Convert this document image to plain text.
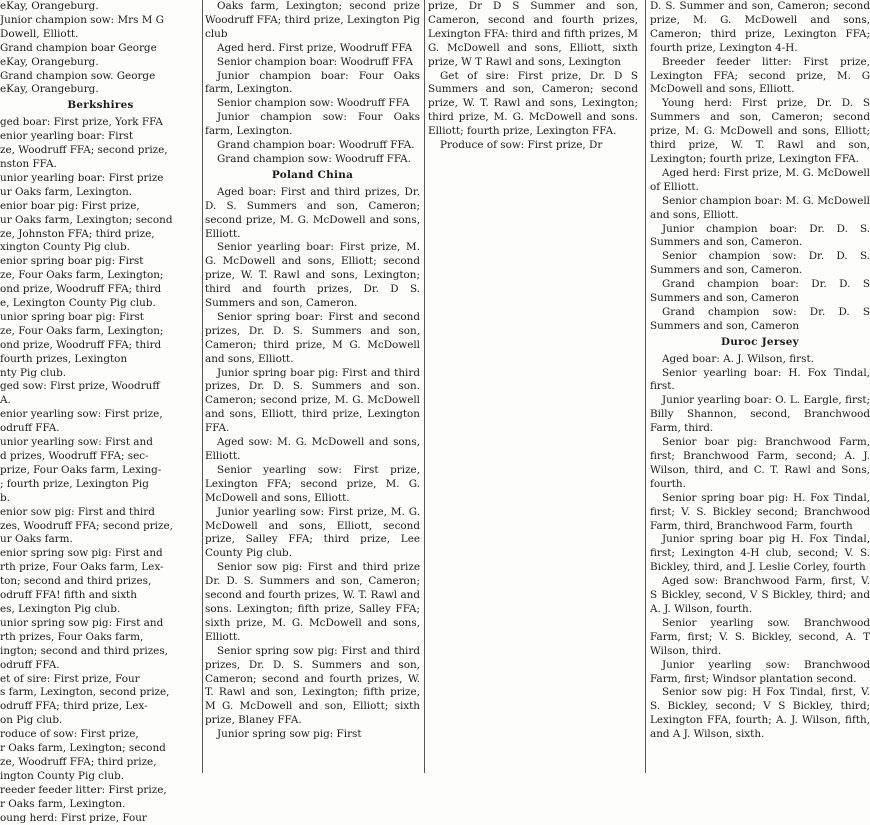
eKay, Orangeburg.

Junior champion sow: Mrs M G

Dowell, Elliott.

Grand champion boar George

eKay, Orangeburg.

Grand champion sow. George

eKay, Orangeburg.

Berkshires

ged boar: First prize, York FFA

enior yearling boar: First

ze, Woodruff FFA; second prize,

nston FFA.

unior yearling boar: First prize

ur Oaks farm, Lexington.

enior boar pig: First prize,

ur Oaks farm, Lexington; second

ze, Johnston FFA; third prize,

xington County Pig club.

enior spring boar pig: First

ze, Four Oaks farm, Lexington;

ond prize, Woodruff FFA; third

e, Lexington County Pig club.

unior spring boar pig: First

ze, Four Oaks farm, Lexington;

ond prize, Woodruff FFA; third

fourth prizes, Lexington

nty Pig club.

ged sow: First prize, Woodruff

A.

enior yearling sow: First prize,

odruff FFA.

unior yearling sow: First and

d prizes, Woodruff FFA; sec-

prize, Four Oaks farm, Lexing-

; fourth prize, Lexington Pig

b.

enior sow pig: First and third

zes, Woodruff FFA; second prize,

ur Oaks farm.

enior spring sow pig: First and

rth prize, Four Oaks farm, Lex-

ton; second and third prizes,

odruff FFA! fifth and sixth

es, Lexington Pig club.

unior spring sow pig: First and

rth prizes, Four Oaks farm,

ington; second and third prizes,

odruff FFA.

et of sire: First prize, Four

s farm, Lexington, second prize,

odruff FFA; third prize, Lex-

on Pig club.

roduce of sow: First prize,

r Oaks farm, Lexington; second

ze, Woodruff FFA; third prize,

ington County Pig club.

reeder feeder litter: First prize,

r Oaks farm, Lexington.

oung herd: First prize, Four

Oaks farm, Lexington; second prize Woodruff FFA; third prize, Lexington Pig club

Aged herd. First prize, Woodruff FFA

Senior champion boar: Woodruff FFA

Junior champion boar: Four Oaks farm, Lexington.

Senior champion sow: Woodruff FFA

Junior champion sow: Four Oaks farm, Lexington.

Grand champion boar: Woodruff FFA.

Grand champion sow: Woodruff FFA.

Poland China

Aged boar: First and third prizes, Dr. D. S. Summers and son, Cameron; second prize, M. G. McDowell and sons, Elliott.

Senior yearling boar: First prize, M. G. McDowell and sons, Elliott; second prize, W. T. Rawl and sons, Lexington; third and fourth prizes, Dr. D S. Summers and son, Cameron.

Senior spring boar: First and second prizes, Dr. D. S. Summers and son, Cameron; third prize, M G. McDowell and sons, Elliott.

Junior spring boar pig: First and third prizes, Dr. D. S. Summers and son. Cameron; second prize, M. G. McDowell and sons, Elliott, third prize, Lexington FFA.

Aged sow: M. G. McDowell and sons, Elliott.

Senior yearling sow: First prize, Lexington FFA; second prize, M. G. McDowell and sons, Elliott.

Junior yearling sow: First prize, M. G. McDowell and sons, Elliott, second prize, Salley FFA; third prize, Lee County Pig club.

Senior sow pig: First and third prize Dr. D. S. Summers and son, Cameron; second and fourth prizes, W. T. Rawl and sons. Lexington; fifth prize, Salley FFA; sixth prize, M. G. McDowell and sons, Elliott.

Senior spring sow pig: First and third prizes, Dr. D. S. Summers and son, Cameron; second and fourth prizes, W. T. Rawl and son, Lexington; fifth prize, M G. McDowell and son, Elliott; sixth prize, Blaney FFA.

Junior spring sow pig: First

prize, Dr D S Summer and son, Cameron, second and fourth prizes, Lexington FFA: third and fifth prizes, M G. McDowell and sons, Elliott, sixth prize, W T Rawl and sons, Lexington

Get of sire: First prize, Dr. D S Summers and son, Cameron; second prize, W. T. Rawl and sons, Lexington; third prize, M. G. McDowell and sons. Elliott; fourth prize, Lexington FFA.

Produce of sow: First prize, Dr

D. S. Summer and son, Cameron; second prize, M. G. McDowell and sons, Cameron; third prize, Lexington FFA; fourth prize, Lexington 4-H.

Breeder feeder litter: First prize, Lexington FFA; second prize, M. G McDowell and sons, Elliott.

Young herd: First prize, Dr. D. S Summers and son, Cameron; second prize, M. G. McDowell and sons, Elliott; third prize, W. T. Rawl and son, Lexington; fourth prize, Lexington FFA.

Aged herd: First prize, M. G. McDowell of Elliott.

Senior champion boar: M. G. McDowell and sons, Elliott.

Junior champion boar: Dr. D. S. Summers and son, Cameron.

Senior champion sow: Dr. D. S. Summers and son, Cameron.

Grand champion boar: Dr. D. S Summers and son, Cameron

Grand champion sow: Dr. D. S Summers and son, Cameron

Duroc Jersey

Aged boar: A. J. Wilson, first.

Senior yearling boar: H. Fox Tindal, first.

Junior yearling boar: O. L. Eargle, first; Billy Shannon, second, Branchwood Farm, third.

Senior boar pig: Branchwood Farm, first; Branchwood Farm, second; A. J. Wilson, third, and C. T. Rawl and Sons, fourth.

Senior spring boar pig: H. Fox Tindal, first; V. S. Bickley second; Branchwood Farm, third, Branchwood Farm, fourth

Junior spring boar pig H. Fox Tindal, first; Lexington 4-H club, second; V. S. Bickley, third, and J. Leslie Corley, fourth

Aged sow: Branchwood Farm, first, V. S Bickley, second, V S Bickley, third; and A. J. Wilson, fourth.

Senior yearling sow. Branchwood Farm, first; V. S. Bickley, second, A. T Wilson, third.

Junior yearling sow: Branchwood Farm, first; Windsor plantation second.

Senior sow pig: H Fox Tindal, first, V. S. Bickley, second; V S Bickley, third; Lexington FFA, fourth; A. J. Wilson, fifth, and A J. Wilson, sixth.
